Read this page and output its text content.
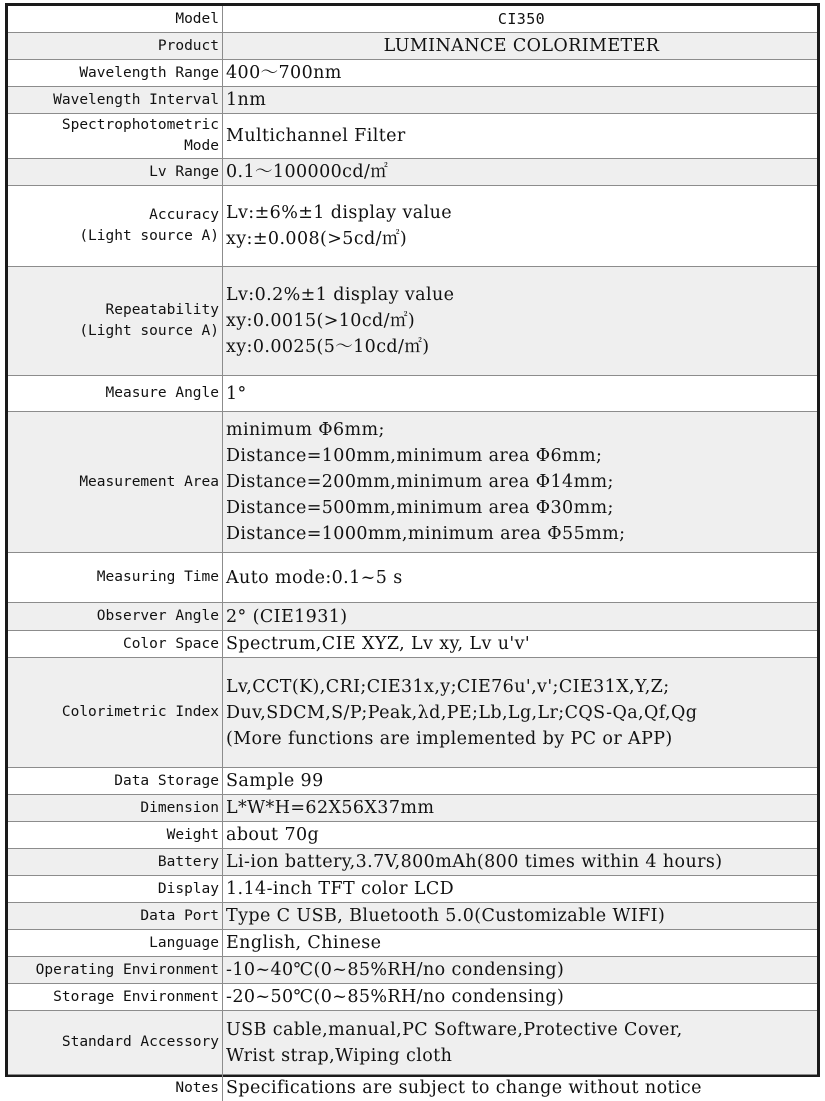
Model	CI350

Product	LUMINANCE COLORIMETER

Wavelength Range	400～700nm

Wavelength Interval	1nm

Spectrophotometric
Mode	Multichannel Filter

Lv Range	0.1～100000cd/㎡

Accuracy
(Light source A)	Lv:±6%±1 display value
xy:±0.008(>5cd/㎡)

Repeatability
(Light source A)	Lv:0.2%±1 display value
xy:0.0015(>10cd/㎡)
xy:0.0025(5～10cd/㎡)

Measure Angle	1°

Measurement Area	minimum Φ6mm;
Distance=100mm,minimum area Φ6mm;
Distance=200mm,minimum area Φ14mm;
Distance=500mm,minimum area Φ30mm;
Distance=1000mm,minimum area Φ55mm;

Measuring Time	Auto mode:0.1~5 s

Observer Angle	2° (CIE1931)

Color Space	Spectrum,CIE XYZ, Lv xy, Lv u'v'

Colorimetric Index	Lv,CCT(K),CRI;CIE31x,y;CIE76u',v';CIE31X,Y,Z;
Duv,SDCM,S/P;Peak,λd,PE;Lb,Lg,Lr;CQS-Qa,Qf,Qg
(More functions are implemented by PC or APP)

Data Storage	Sample 99

Dimension	L*W*H=62X56X37mm

Weight	about 70g

Battery	Li-ion battery,3.7V,800mAh(800 times within 4 hours)

Display	1.14-inch TFT color LCD

Data Port	Type C USB, Bluetooth 5.0(Customizable WIFI)

Language	English, Chinese

Operating Environment	-10~40℃(0~85%RH/no condensing)

Storage Environment	-20~50℃(0~85%RH/no condensing)

Standard Accessory	USB cable,manual,PC Software,Protective Cover,
Wrist strap,Wiping cloth

Notes	Specifications are subject to change without notice
